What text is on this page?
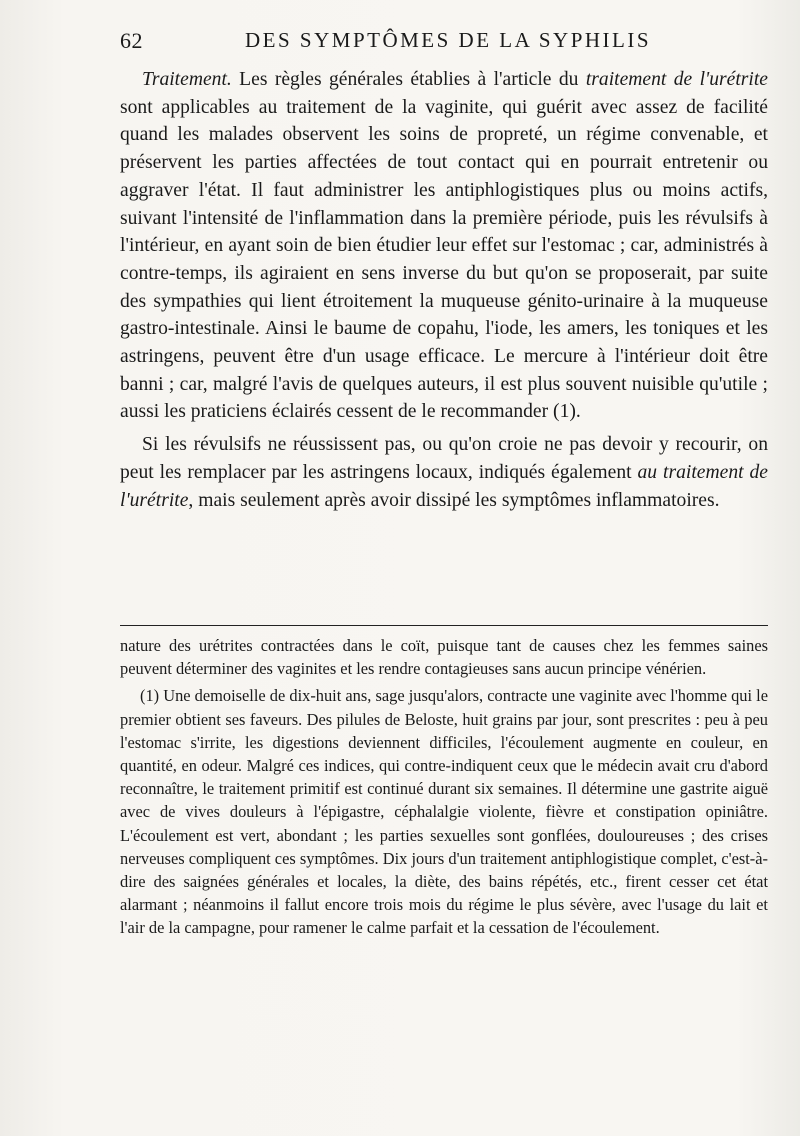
62	DES SYMPTÔMES DE LA SYPHILIS

Traitement. Les règles générales établies à l'article du traitement de l'urétrite sont applicables au traitement de la vaginite, qui guérit avec assez de facilité quand les malades observent les soins de propreté, un régime convenable, et préservent les parties affectées de tout contact qui en pourrait entretenir ou aggraver l'état. Il faut administrer les antiphlogistiques plus ou moins actifs, suivant l'intensité de l'inflammation dans la première période, puis les révulsifs à l'intérieur, en ayant soin de bien étudier leur effet sur l'estomac ; car, administrés à contre-temps, ils agiraient en sens inverse du but qu'on se proposerait, par suite des sympathies qui lient étroitement la muqueuse génito-urinaire à la muqueuse gastro-intestinale. Ainsi le baume de copahu, l'iode, les amers, les toniques et les astringens, peuvent être d'un usage efficace. Le mercure à l'intérieur doit être banni ; car, malgré l'avis de quelques auteurs, il est plus souvent nuisible qu'utile ; aussi les praticiens éclairés cessent de le recommander (1).

Si les révulsifs ne réussissent pas, ou qu'on croie ne pas devoir y recourir, on peut les remplacer par les astringens locaux, indiqués également au traitement de l'urétrite, mais seulement après avoir dissipé les symptômes inflammatoires.

nature des urétrites contractées dans le coït, puisque tant de causes chez les femmes saines peuvent déterminer des vaginites et les rendre contagieuses sans aucun principe vénérien.

(1) Une demoiselle de dix-huit ans, sage jusqu'alors, contracte une vaginite avec l'homme qui le premier obtient ses faveurs. Des pilules de Beloste, huit grains par jour, sont prescrites : peu à peu l'estomac s'irrite, les digestions deviennent difficiles, l'écoulement augmente en couleur, en quantité, en odeur. Malgré ces indices, qui contre-indiquent ceux que le médecin avait cru d'abord reconnaître, le traitement primitif est continué durant six semaines. Il détermine une gastrite aiguë avec de vives douleurs à l'épigastre, céphalalgie violente, fièvre et constipation opiniâtre. L'écoulement est vert, abondant ; les parties sexuelles sont gonflées, douloureuses ; des crises nerveuses compliquent ces symptômes. Dix jours d'un traitement antiphlogistique complet, c'est-à-dire des saignées générales et locales, la diète, des bains répétés, etc., firent cesser cet état alarmant ; néanmoins il fallut encore trois mois du régime le plus sévère, avec l'usage du lait et l'air de la campagne, pour ramener le calme parfait et la cessation de l'écoulement.
